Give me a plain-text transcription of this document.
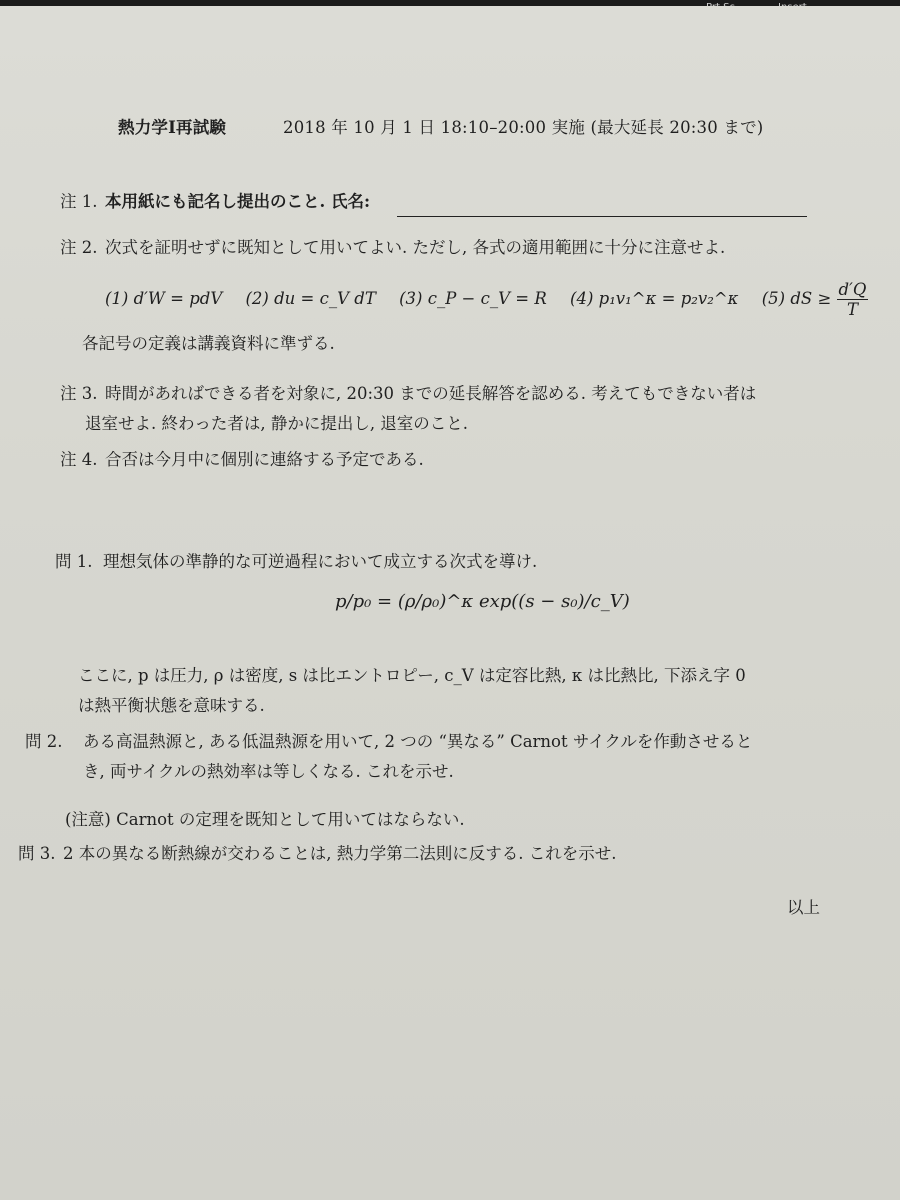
熱力学Ⅰ再試験	2018 年 10 月 1 日 18:10–20:00 実施 (最大延長 20:30 まで)
注 1. 本用紙にも記名し提出のこと. 氏名:
注 2. 次式を証明せずに既知として用いてよい. ただし, 各式の適用範囲に十分に注意せよ.
(1) d′W = pdV (2) du = c_V dT (3) c_P − c_V = R (4) p₁v₁^κ = p₂v₂^κ (5) dS ≥ $\frac{d'Q}{T}$
各記号の定義は講義資料に準ずる.
注 3. 時間があればできる者を対象に, 20:30 までの延長解答を認める. 考えてもできない者は
退室せよ. 終わった者は, 静かに提出し, 退室のこと.
注 4. 合否は今月中に個別に連絡する予定である.
問 1. 理想気体の準静的な可逆過程において成立する次式を導け.
p/p₀ = (ρ/ρ₀)^κ exp((s − s₀)/c_V)
ここに, p は圧力, ρ は密度, s は比エントロピー, c_V は定容比熱, κ は比熱比, 下添え字 0
は熱平衡状態を意味する.
問 2. ある高温熱源と, ある低温熱源を用いて, 2 つの “異なる” Carnot サイクルを作動させると
き, 両サイクルの熱効率は等しくなる. これを示せ.
(注意) Carnot の定理を既知として用いてはならない.
問 3. 2 本の異なる断熱線が交わることは, 熱力学第二法則に反する. これを示せ.
以上
